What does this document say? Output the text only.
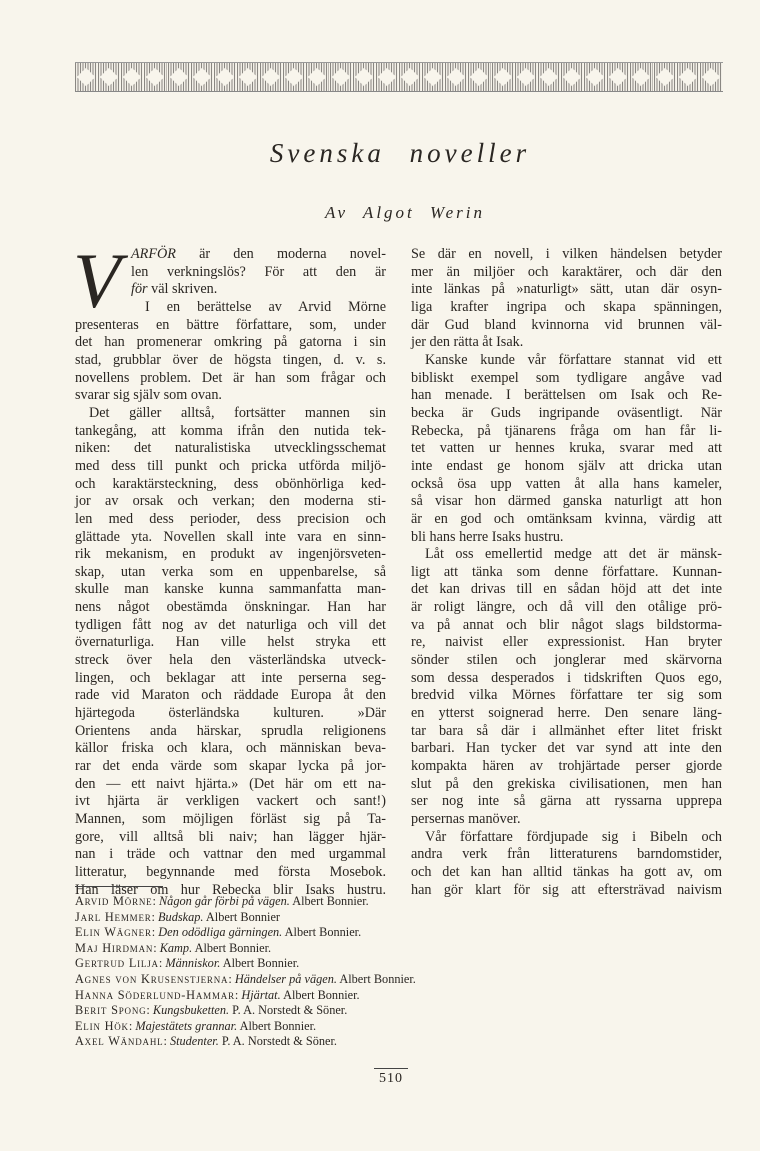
Svenska noveller
Av Algot Werin
V ARFÖR är den moderna novel-
len verkningslös? För att den är
för väl skriven.
I en berättelse av Arvid Mörne
presenteras en bättre författare, som, under
det han promenerar omkring på gatorna i sin
stad, grubblar över de högsta tingen, d. v. s.
novellens problem. Det är han som frågar och
svarar sig själv som ovan.
Det gäller alltså, fortsätter mannen sin
tankegång, att komma ifrån den nutida tek-
niken: det naturalistiska utvecklingsschemat
med dess till punkt och pricka utförda miljö-
och karaktärsteckning, dess obönhörliga ked-
jor av orsak och verkan; den moderna sti-
len med dess perioder, dess precision och
glättade yta. Novellen skall inte vara en sinn-
rik mekanism, en produkt av ingenjörsveten-
skap, utan verka som en uppenbarelse, så
skulle man kanske kunna sammanfatta man-
nens något obestämda önskningar. Han har
tydligen fått nog av det naturliga och vill det
övernaturliga. Han ville helst stryka ett
streck över hela den västerländska utveck-
lingen, och beklagar att inte perserna seg-
rade vid Maraton och räddade Europa åt den
hjärtegoda österländska kulturen. »Där
Orientens anda härskar, sprudla religionens
källor friska och klara, och människan beva-
rar det enda värde som skapar lycka på jor-
den — ett naivt hjärta.» (Det här om ett na-
ivt hjärta är verkligen vackert och sant!)
Mannen, som möjligen förläst sig på Ta-
gore, vill alltså bli naiv; han lägger hjär-
nan i träde och vattnar den med urgammal
litteratur, begynnande med första Mosebok.
Han läser om hur Rebecka blir Isaks hustru.
Se där en novell, i vilken händelsen betyder
mer än miljöer och karaktärer, och där den
inte länkas på »naturligt» sätt, utan där osyn-
liga krafter ingripa och skapa spänningen,
där Gud bland kvinnorna vid brunnen väl-
jer den rätta åt Isak.
Kanske kunde vår författare stannat vid ett
bibliskt exempel som tydligare angåve vad
han menade. I berättelsen om Isak och Re-
becka är Guds ingripande oväsentligt. När
Rebecka, på tjänarens fråga om han får li-
tet vatten ur hennes kruka, svarar med att
inte endast ge honom själv att dricka utan
också ösa upp vatten åt alla hans kameler,
så visar hon därmed ganska naturligt att hon
är en god och omtänksam kvinna, värdig att
bli hans herre Isaks hustru.
Låt oss emellertid medge att det är mänsk-
ligt att tänka som denne författare. Kunnan-
det kan drivas till en sådan höjd att det inte
är roligt längre, och då vill den otålige prö-
va på annat och blir något slags bildstorma-
re, naivist eller expressionist. Han bryter
sönder stilen och jonglerar med skärvorna
som dessa desperados i tidskriften Quos ego,
bredvid vilka Mörnes författare ter sig som
en ytterst soignerad herre. Den senare läng-
tar bara så där i allmänhet efter litet friskt
barbari. Han tycker det var synd att inte den
kompakta hären av trohjärtade perser gjorde
slut på den grekiska civilisationen, men han
ser nog inte så gärna att ryssarna upprepa
persernas manöver.
Vår författare fördjupade sig i Bibeln och
andra verk från litteraturens barndomstider,
och det kan han alltid tänkas ha gott av, om
han gör klart för sig att eftersträvad naivism
Arvid Mörne: Någon går förbi på vägen. Albert Bonnier.
Jarl Hemmer: Budskap. Albert Bonnier
Elin Wägner: Den odödliga gärningen. Albert Bonnier.
Maj Hirdman: Kamp. Albert Bonnier.
Gertrud Lilja: Människor. Albert Bonnier.
Agnes von Krusenstjerna: Händelser på vägen. Albert Bonnier.
Hanna Söderlund-Hammar: Hjärtat. Albert Bonnier.
Berit Spong: Kungsbuketten. P. A. Norstedt & Söner.
Elin Hök: Majestätets grannar. Albert Bonnier.
Axel Wändahl: Studenter. P. A. Norstedt & Söner.
510
